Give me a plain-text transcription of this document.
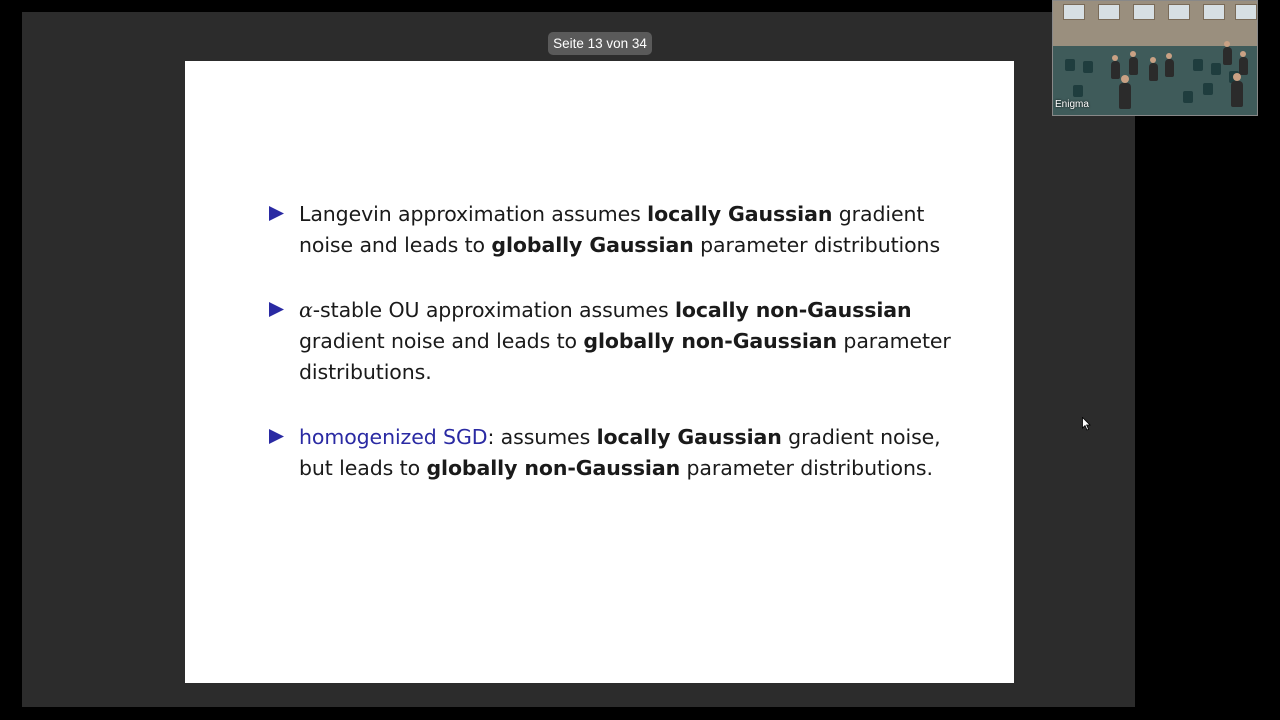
Seite 13 von 34
Langevin approximation assumes locally Gaussian gradient
noise and leads to globally Gaussian parameter distributions
α-stable OU approximation assumes locally non-Gaussian
gradient noise and leads to globally non-Gaussian parameter
distributions.
homogenized SGD: assumes locally Gaussian gradient noise,
but leads to globally non-Gaussian parameter distributions.
Enigma
